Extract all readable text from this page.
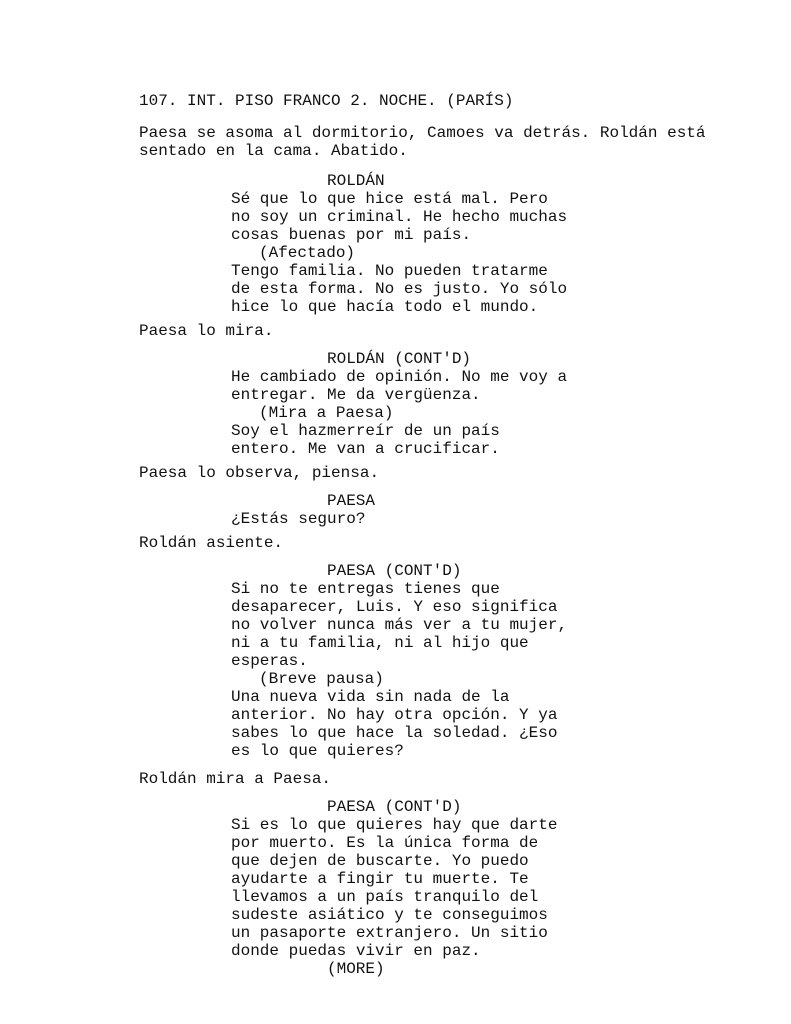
107. INT. PISO FRANCO 2. NOCHE. (PARÍS)
Paesa se asoma al dormitorio, Camoes va detrás. Roldán está
sentado en la cama. Abatido.
ROLDÁN
Sé que lo que hice está mal. Pero
no soy un criminal. He hecho muchas
cosas buenas por mi país.
(Afectado)
Tengo familia. No pueden tratarme
de esta forma. No es justo. Yo sólo
hice lo que hacía todo el mundo.
Paesa lo mira.
ROLDÁN (CONT'D)
He cambiado de opinión. No me voy a
entregar. Me da vergüenza.
(Mira a Paesa)
Soy el hazmerreír de un país
entero. Me van a crucificar.
Paesa lo observa, piensa.
PAESA
¿Estás seguro?
Roldán asiente.
PAESA (CONT'D)
Si no te entregas tienes que
desaparecer, Luis. Y eso significa
no volver nunca más ver a tu mujer,
ni a tu familia, ni al hijo que
esperas.
(Breve pausa)
Una nueva vida sin nada de la
anterior. No hay otra opción. Y ya
sabes lo que hace la soledad. ¿Eso
es lo que quieres?
Roldán mira a Paesa.
PAESA (CONT'D)
Si es lo que quieres hay que darte
por muerto. Es la única forma de
que dejen de buscarte. Yo puedo
ayudarte a fingir tu muerte. Te
llevamos a un país tranquilo del
sudeste asiático y te conseguimos
un pasaporte extranjero. Un sitio
donde puedas vivir en paz.
(MORE)
